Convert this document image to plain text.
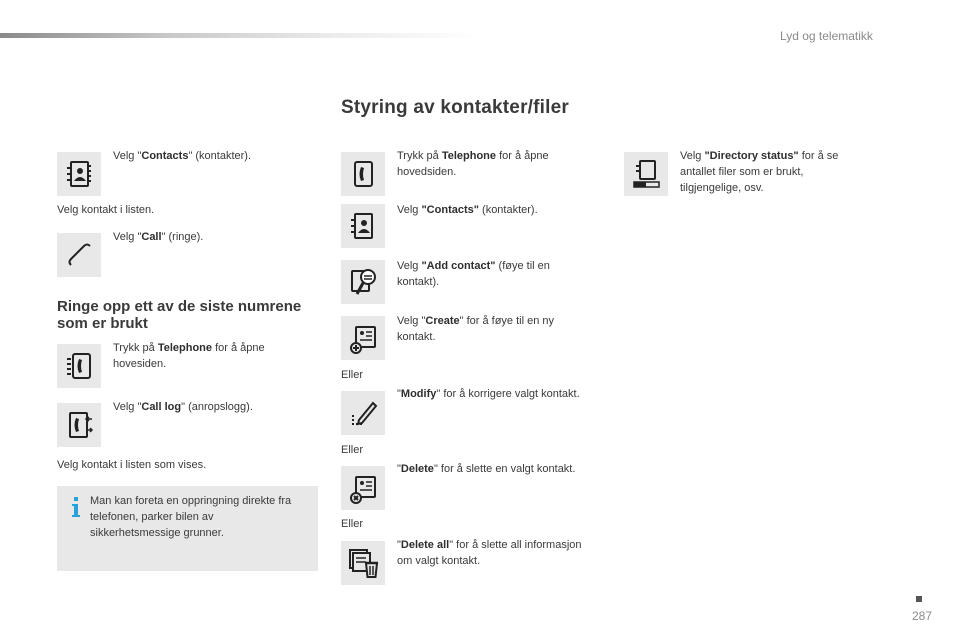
Lyd og telematikk
Styring av kontakter/filer
Velg "Contacts" (kontakter).
Velg kontakt i listen.
Velg "Call" (ringe).
Ringe opp ett av de siste numrene som er brukt
Trykk på Telephone for å åpne hovesiden.
Velg "Call log" (anropslogg).
Velg kontakt i listen som vises.
Man kan foreta en oppringning direkte fra telefonen, parker bilen av sikkerhetsmessige grunner.
Trykk på Telephone for å åpne hovedsiden.
Velg "Contacts" (kontakter).
Velg "Add contact" (føye til en kontakt).
Velg "Create" for å føye til en ny kontakt.
Eller
"Modify" for å korrigere valgt kontakt.
Eller
"Delete" for å slette en valgt kontakt.
Eller
"Delete all" for å slette all informasjon om valgt kontakt.
Velg "Directory status" for å se antallet filer som er brukt, tilgjengelige, osv.
287
